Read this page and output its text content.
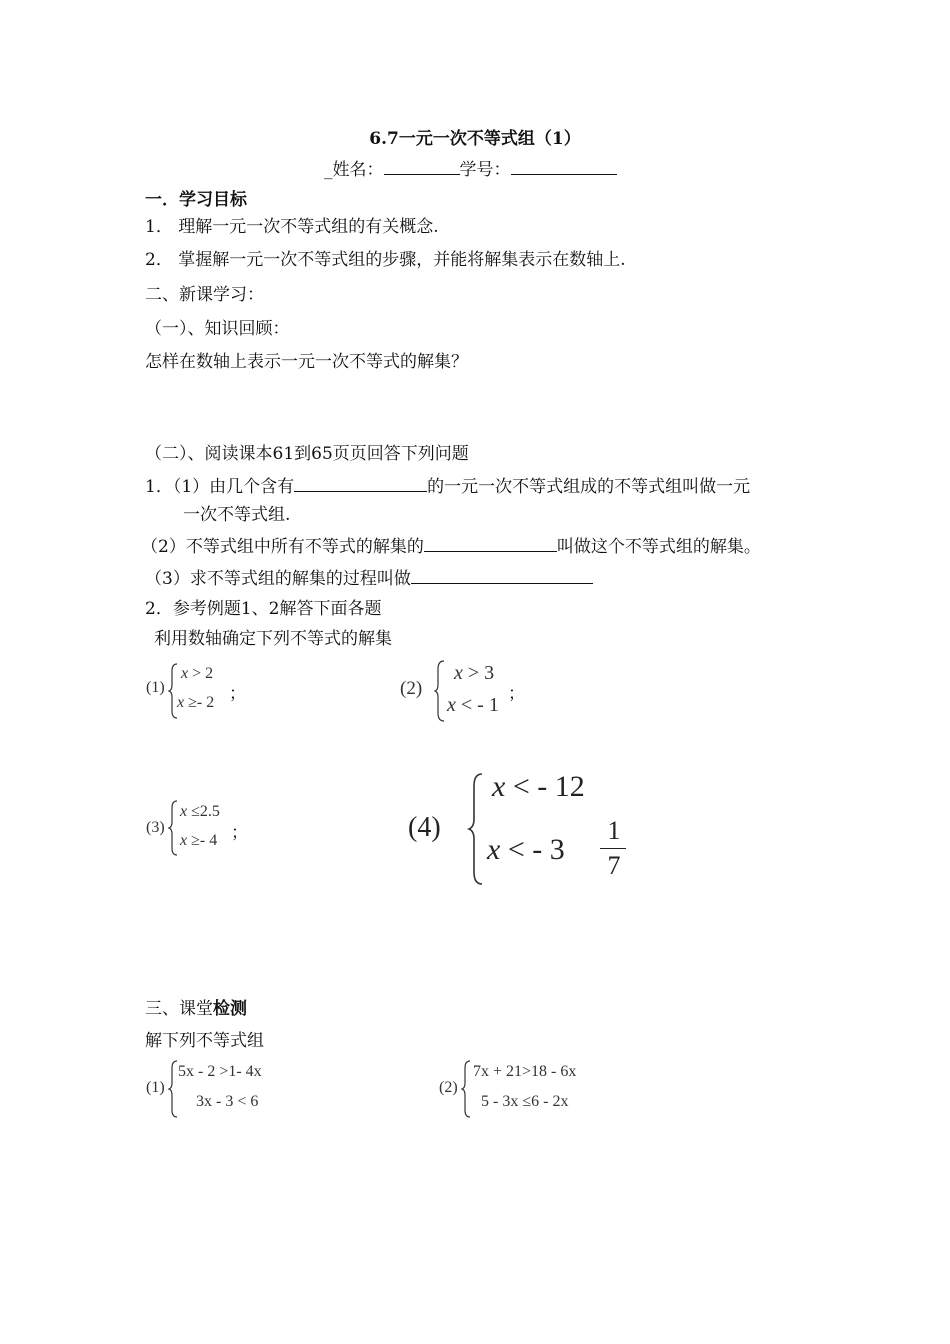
6.7一元一次不等式组（1）
_姓名：	学号：
一．学习目标
1． 理解一元一次不等式组的有关概念.
2． 掌握解一元一次不等式组的步骤，并能将解集表示在数轴上.
二、新课学习：
（一）、知识回顾：
怎样在数轴上表示一元一次不等式的解集？
（二）、阅读课本61到65页页回答下列问题
1．（1）由几个含有	的一元一次不等式组成的不等式组叫做一元
一次不等式组.
（2）不等式组中所有不等式的解集的	叫做这个不等式组的解集。
（3）求不等式组的解集的过程叫做
2．参考例题1、2解答下面各题
利用数轴确定下列不等式的解集
(1)
x > 2
x ≥- 2 ；	(2)
x > 3
x < - 1 ；
(3)
x ≤2.5
x ≥- 4 ；	(4)
x < - 12
x < - 3
1
7
三、课堂检测
解下列不等式组
(1)
5x - 2 >1- 4x
3x - 3 < 6
(2)
7x + 21>18 - 6x
5 - 3x ≤6 - 2x
